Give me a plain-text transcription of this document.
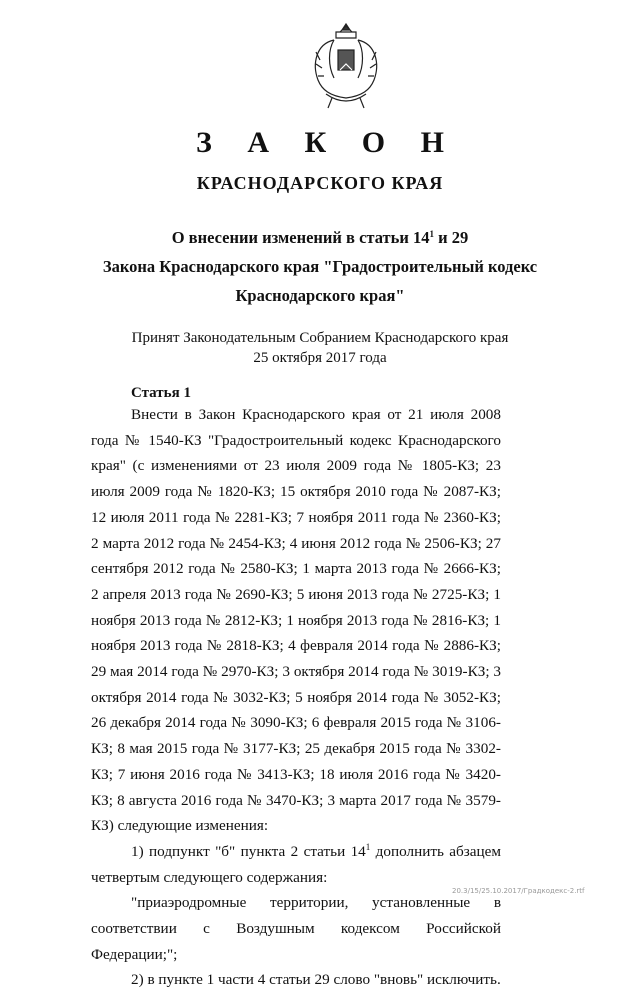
З А К О Н
КРАСНОДАРСКОГО КРАЯ
О внесении изменений в статьи $14^1$ и 29
Закона Краснодарского края "Градостроительный кодекс
Краснодарского края"
Принят Законодательным Собранием Краснодарского края
25 октября 2017 года
Статья 1

Внести в Закон Краснодарского края от 21 июля 2008 года № 1540-КЗ "Градостроительный кодекс Краснодарского края" (с изменениями от 23 июля 2009 года № 1805-КЗ; 23 июля 2009 года № 1820-КЗ; 15 октября 2010 года № 2087-КЗ; 12 июля 2011 года № 2281-КЗ; 7 ноября 2011 года № 2360-КЗ; 2 марта 2012 года № 2454-КЗ; 4 июня 2012 года № 2506-КЗ; 27 сентября 2012 года № 2580-КЗ; 1 марта 2013 года № 2666-КЗ; 2 апреля 2013 года № 2690-КЗ; 5 июня 2013 года № 2725-КЗ; 1 ноября 2013 года № 2812-КЗ; 1 ноября 2013 года № 2816-КЗ; 1 ноября 2013 года № 2818-КЗ; 4 февраля 2014 года № 2886-КЗ; 29 мая 2014 года № 2970-КЗ; 3 октября 2014 года № 3019-КЗ; 3 октября 2014 года № 3032-КЗ; 5 ноября 2014 года № 3052-КЗ; 26 декабря 2014 года № 3090-КЗ; 6 февраля 2015 года № 3106-КЗ; 8 мая 2015 года № 3177-КЗ; 25 декабря 2015 года № 3302-КЗ; 7 июня 2016 года № 3413-КЗ; 18 июля 2016 года № 3420-КЗ; 8 августа 2016 года № 3470-КЗ; 3 марта 2017 года № 3579-КЗ) следующие изменения:

1) подпункт "б" пункта 2 статьи $14^1$ дополнить абзацем четвертым следующего содержания:

"приаэродромные территории, установленные в соответствии с Воздушным кодексом Российской Федерации;";

2) в пункте 1 части 4 статьи 29 слово "вновь" исключить.

20.3/15/25.10.2017/Градкодекс-2.rtf
